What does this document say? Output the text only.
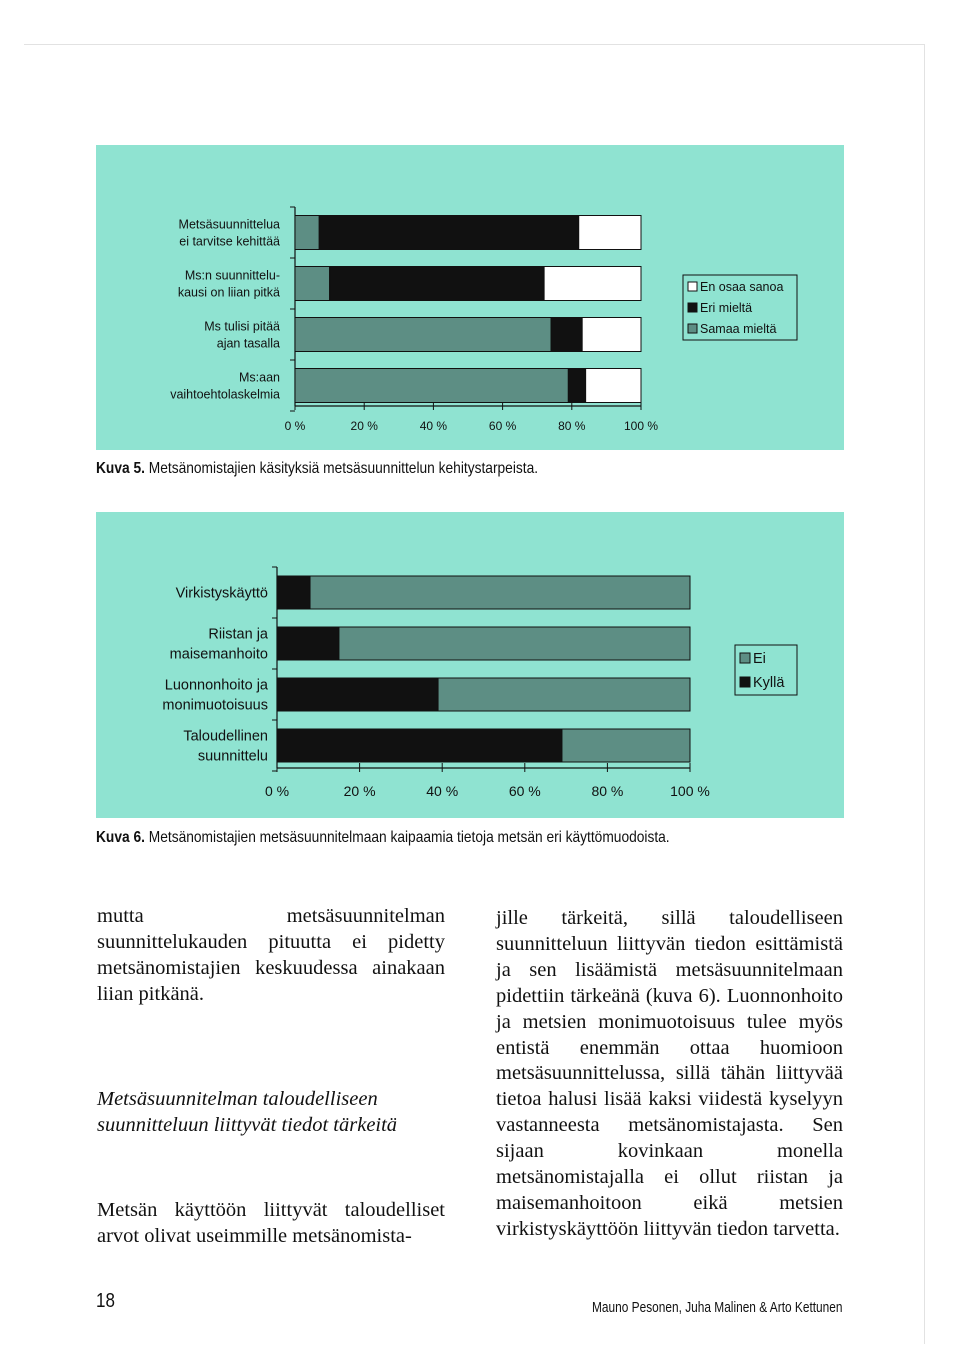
0 %	20 %	40 %	60 %	80 %	100 %
Metsäsuunnittelua
ei tarvitse kehittää
Ms:n suunnittelu-
kausi on liian pitkä
Ms tulisi pitää
ajan tasalla
Ms:aan
vaihtoehtolaskelmia
En osaa sanoa
Eri mieltä
Samaa mieltä
Kuva 5. Metsänomistajien käsityksiä metsäsuunnittelun kehitystarpeista.
0 %	20 %	40 %	60 %	80 %	100 %
Virkistyskäyttö
Riistan ja
maisemanhoito
Luonnonhoito ja
monimuotoisuus
Taloudellinen
suunnittelu
Ei
Kyllä
Kuva 6. Metsänomistajien metsäsuunnitelmaan kaipaamia tietoja metsän eri käyttömuodoista.

mutta metsäsuunnitelman suunnittelukauden pituutta ei pidetty metsänomistajien keskuudessa ainakaan liian pitkänä.

Metsäsuunnitelman taloudelliseen suunnitteluun liittyvät tiedot tärkeitä

Metsän käyttöön liittyvät taloudelliset arvot olivat useimmille metsänomista-

jille tärkeitä, sillä taloudelliseen suunnitteluun liittyvän tiedon esittämistä ja sen lisäämistä metsäsuunnitelmaan pidettiin tärkeänä (kuva 6). Luonnonhoito ja metsien monimuotoisuus tulee myös entistä enemmän ottaa huomioon metsäsuunnittelussa, sillä tähän liittyvää tietoa halusi lisää kaksi viidestä kyselyyn vastanneesta metsänomistajasta. Sen sijaan kovinkaan monella metsänomistajalla ei ollut riistan ja maisemanhoitoon eikä metsien virkistyskäyttöön liittyvän tiedon tarvetta.

18	Mauno Pesonen, Juha Malinen & Arto Kettunen
